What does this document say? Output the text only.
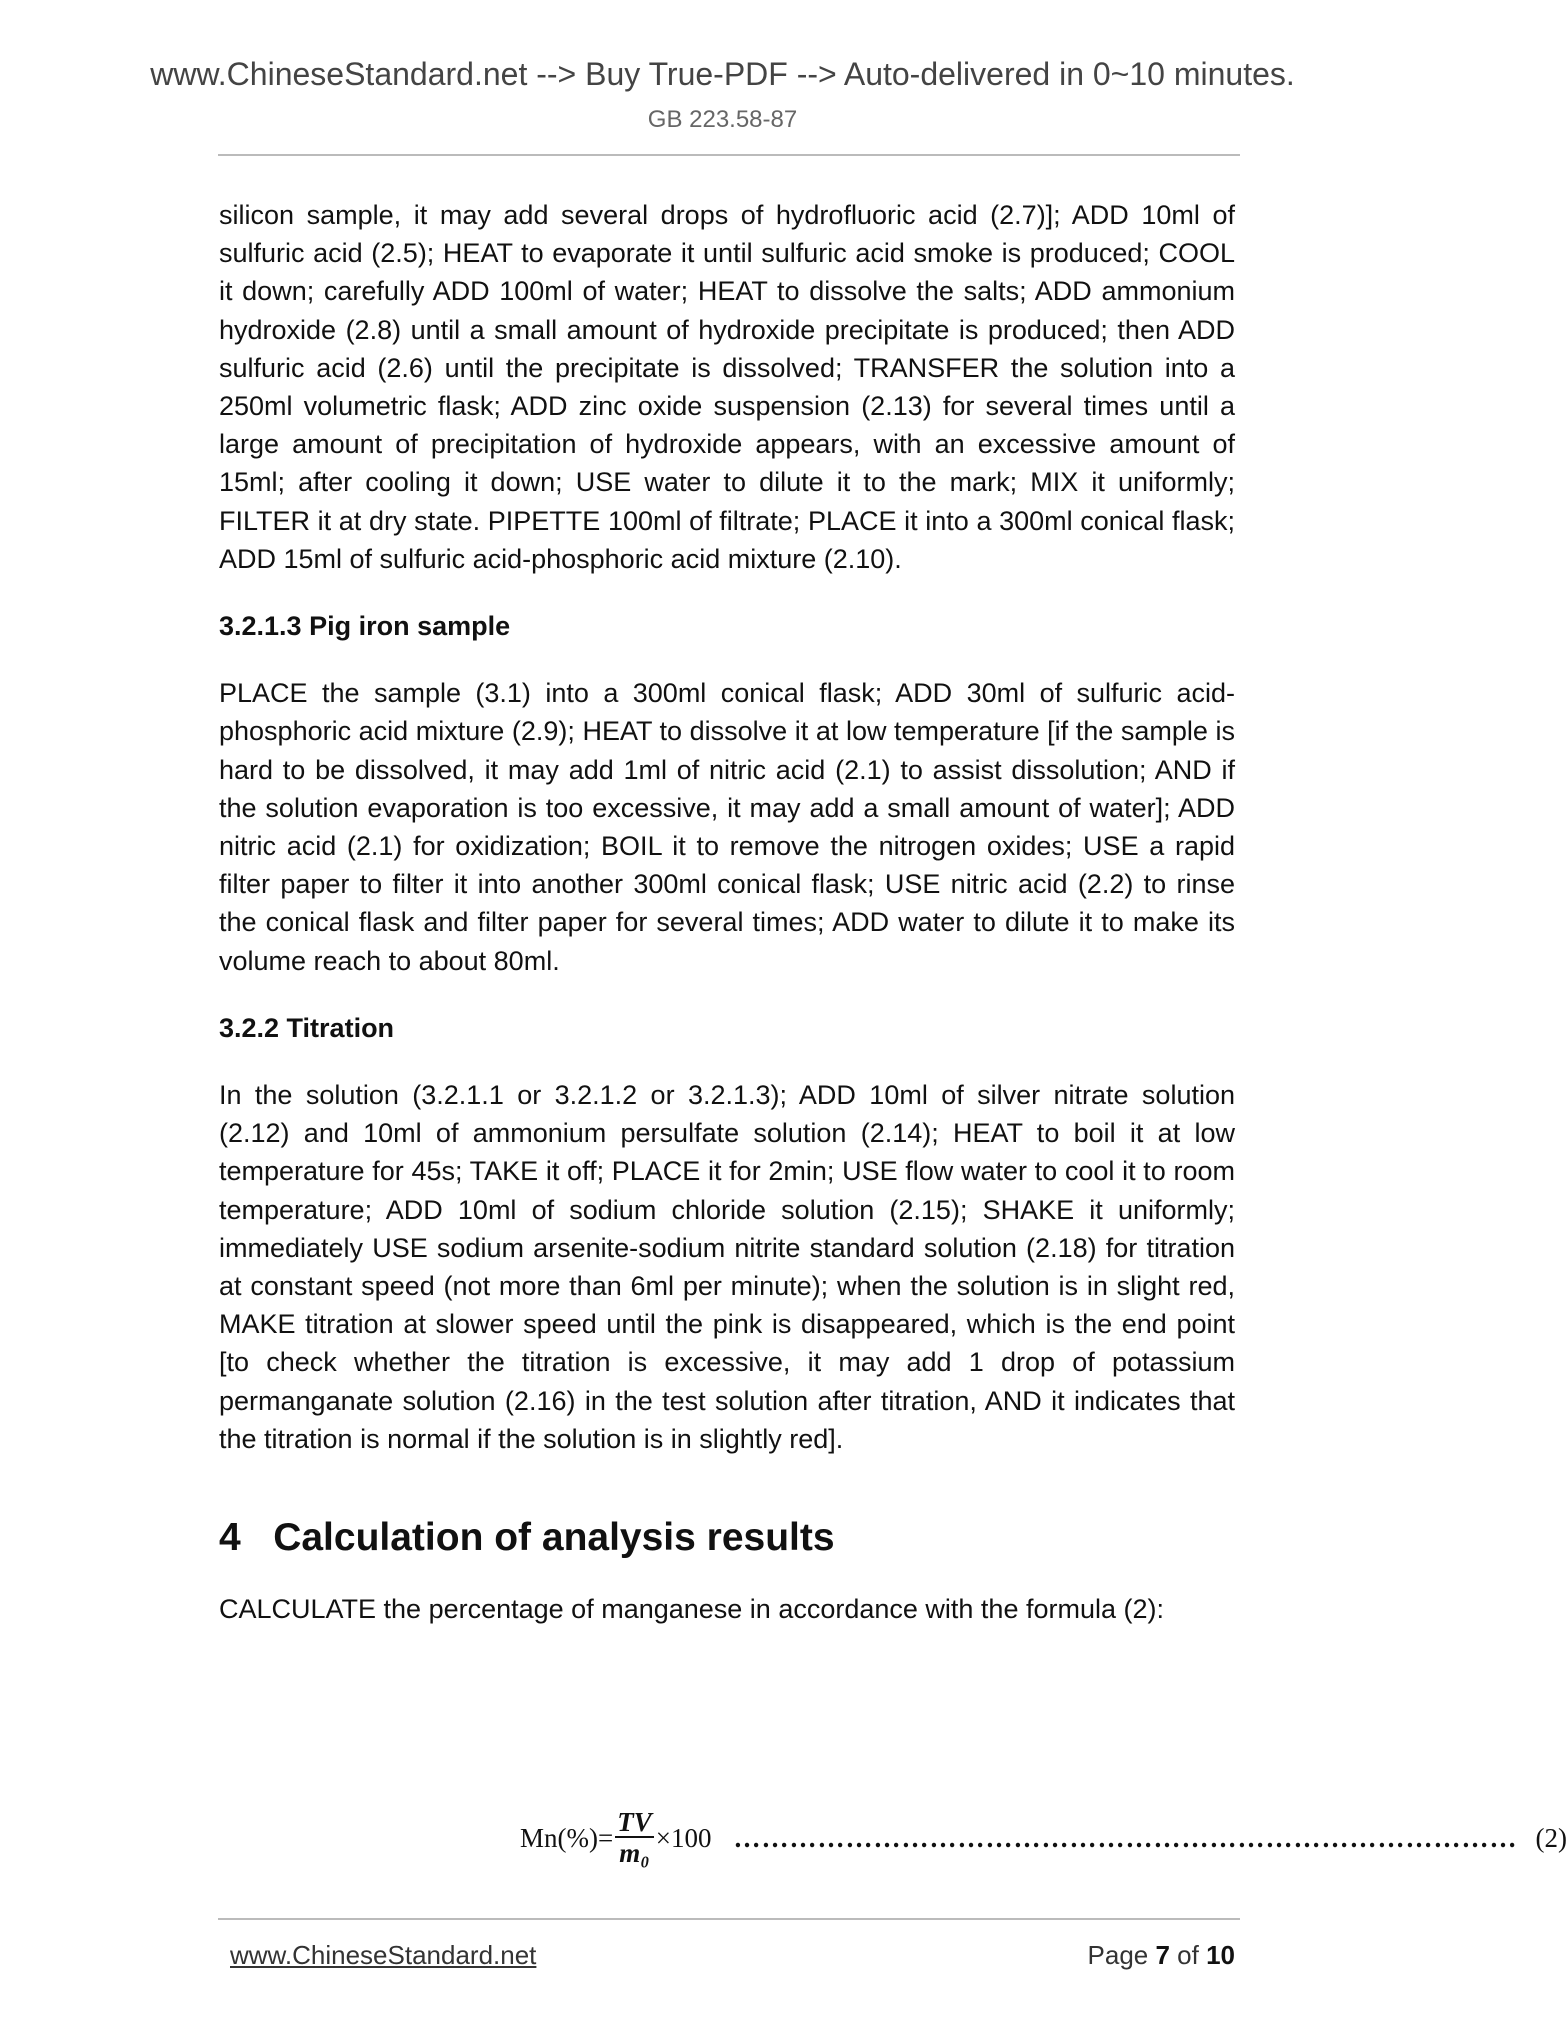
www.ChineseStandard.net --> Buy True-PDF --> Auto-delivered in 0~10 minutes.
GB 223.58-87

silicon sample, it may add several drops of hydrofluoric acid (2.7)]; ADD 10ml of sulfuric acid (2.5); HEAT to evaporate it until sulfuric acid smoke is produced; COOL it down; carefully ADD 100ml of water; HEAT to dissolve the salts; ADD ammonium hydroxide (2.8) until a small amount of hydroxide precipitate is produced; then ADD sulfuric acid (2.6) until the precipitate is dissolved; TRANSFER the solution into a 250ml volumetric flask; ADD zinc oxide suspension (2.13) for several times until a large amount of precipitation of hydroxide appears, with an excessive amount of 15ml; after cooling it down; USE water to dilute it to the mark; MIX it uniformly; FILTER it at dry state. PIPETTE 100ml of filtrate; PLACE it into a 300ml conical flask; ADD 15ml of sulfuric acid-phosphoric acid mixture (2.10).

3.2.1.3 Pig iron sample

PLACE the sample (3.1) into a 300ml conical flask; ADD 30ml of sulfuric acid-phosphoric acid mixture (2.9); HEAT to dissolve it at low temperature [if the sample is hard to be dissolved, it may add 1ml of nitric acid (2.1) to assist dissolution; AND if the solution evaporation is too excessive, it may add a small amount of water]; ADD nitric acid (2.1) for oxidization; BOIL it to remove the nitrogen oxides; USE a rapid filter paper to filter it into another 300ml conical flask; USE nitric acid (2.2) to rinse the conical flask and filter paper for several times; ADD water to dilute it to make its volume reach to about 80ml.

3.2.2 Titration

In the solution (3.2.1.1 or 3.2.1.2 or 3.2.1.3); ADD 10ml of silver nitrate solution (2.12) and 10ml of ammonium persulfate solution (2.14); HEAT to boil it at low temperature for 45s; TAKE it off; PLACE it for 2min; USE flow water to cool it to room temperature; ADD 10ml of sodium chloride solution (2.15); SHAKE it uniformly; immediately USE sodium arsenite-sodium nitrite standard solution (2.18) for titration at constant speed (not more than 6ml per minute); when the solution is in slight red, MAKE titration at slower speed until the pink is disappeared, which is the end point [to check whether the titration is excessive, it may add 1 drop of potassium permanganate solution (2.16) in the test solution after titration, AND it indicates that the titration is normal if the solution is in slightly red].

4   Calculation of analysis results

CALCULATE the percentage of manganese in accordance with the formula (2):

$Mn(\%)= \frac{TV}{\text{m₀}} \times 100$ ………………………………………………………………………… (2)
www.ChineseStandard.net	Page 7 of 10
